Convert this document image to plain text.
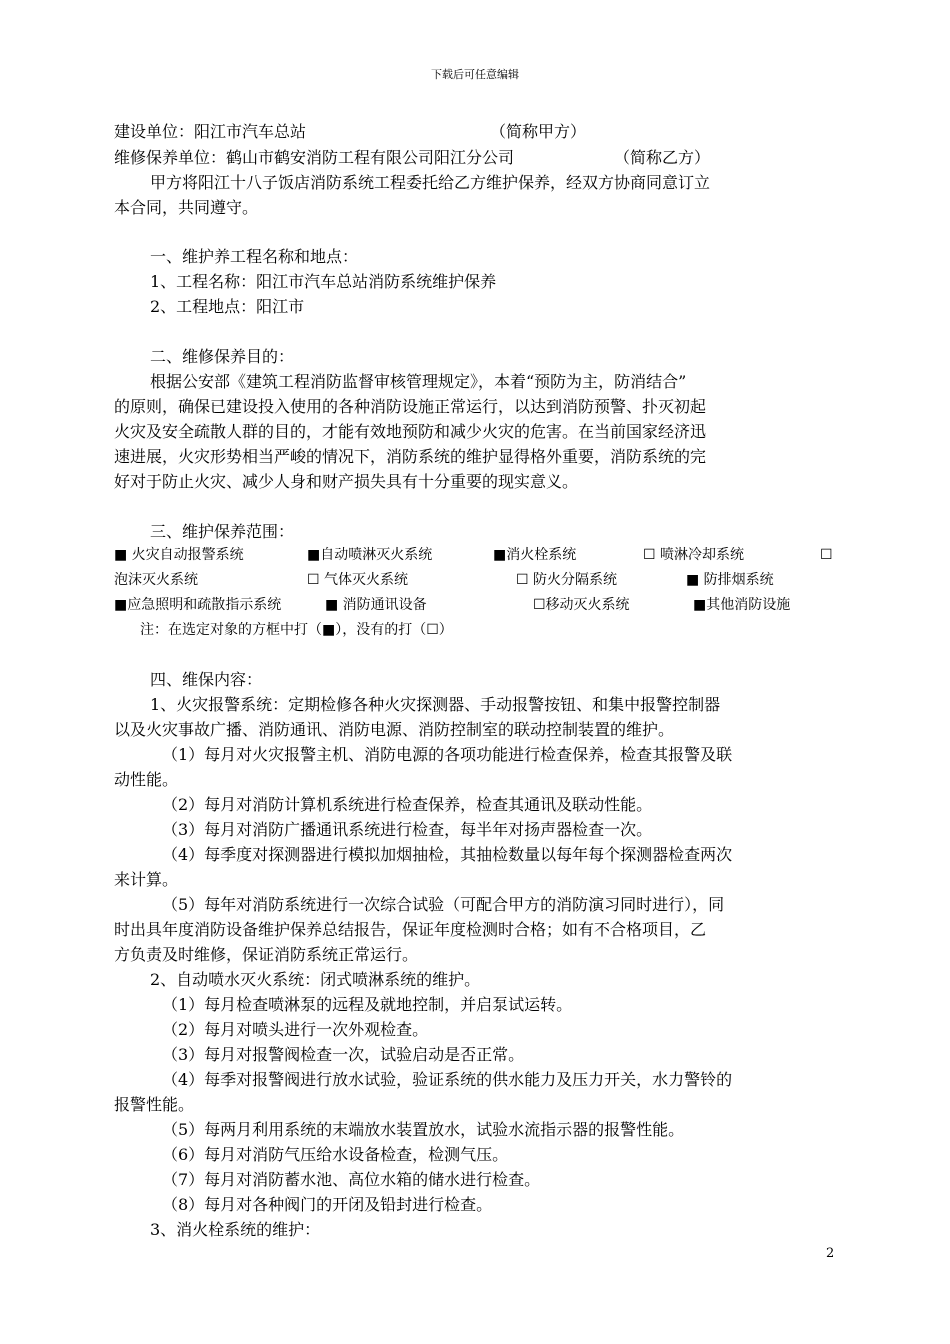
下载后可任意编辑
建设单位：阳江市汽车总站	（简称甲方）
维修保养单位：鹤山市鹤安消防工程有限公司阳江分公司	（简称乙方）
甲方将阳江十八子饭店消防系统工程委托给乙方维护保养，经双方协商同意订立
本合同，共同遵守。
一、维护养工程名称和地点：
1、工程名称：阳江市汽车总站消防系统维护保养
2、工程地点：阳江市
二、维修保养目的：
根据公安部《建筑工程消防监督审核管理规定》，本着“预防为主，防消结合”
的原则，确保已建设投入使用的各种消防设施正常运行，以达到消防预警、扑灭初起
火灾及安全疏散人群的目的，才能有效地预防和减少火灾的危害。在当前国家经济迅
速进展，火灾形势相当严峻的情况下，消防系统的维护显得格外重要，消防系统的完
好对于防止火灾、减少人身和财产损失具有十分重要的现实意义。
三、维护保养范围：
■ 火灾自动报警系统	■自动喷淋灭火系统	■消火栓系统	☐ 喷淋冷却系统	☐
泡沫灭火系统	☐ 气体灭火系统	☐ 防火分隔系统	■ 防排烟系统
■应急照明和疏散指示系统	■ 消防通讯设备	☐移动灭火系统	■其他消防设施
注：在选定对象的方框中打（■），没有的打（☐）
四、维保内容：
1、火灾报警系统：定期检修各种火灾探测器、手动报警按钮、和集中报警控制器
以及火灾事故广播、消防通讯、消防电源、消防控制室的联动控制装置的维护。
（1）每月对火灾报警主机、消防电源的各项功能进行检查保养，检查其报警及联
动性能。
（2）每月对消防计算机系统进行检查保养，检查其通讯及联动性能。
（3）每月对消防广播通讯系统进行检查，每半年对扬声器检查一次。
（4）每季度对探测器进行模拟加烟抽检，其抽检数量以每年每个探测器检查两次
来计算。
（5）每年对消防系统进行一次综合试验（可配合甲方的消防演习同时进行），同
时出具年度消防设备维护保养总结报告，保证年度检测时合格；如有不合格项目，乙
方负责及时维修，保证消防系统正常运行。
2、自动喷水灭火系统：闭式喷淋系统的维护。
（1）每月检查喷淋泵的远程及就地控制，并启泵试运转。
（2）每月对喷头进行一次外观检查。
（3）每月对报警阀检查一次，试验启动是否正常。
（4）每季对报警阀进行放水试验，验证系统的供水能力及压力开关，水力警铃的
报警性能。
（5）每两月利用系统的末端放水装置放水，试验水流指示器的报警性能。
（6）每月对消防气压给水设备检查，检测气压。
（7）每月对消防蓄水池、高位水箱的储水进行检查。
（8）每月对各种阀门的开闭及铅封进行检查。
3、消火栓系统的维护：
2
